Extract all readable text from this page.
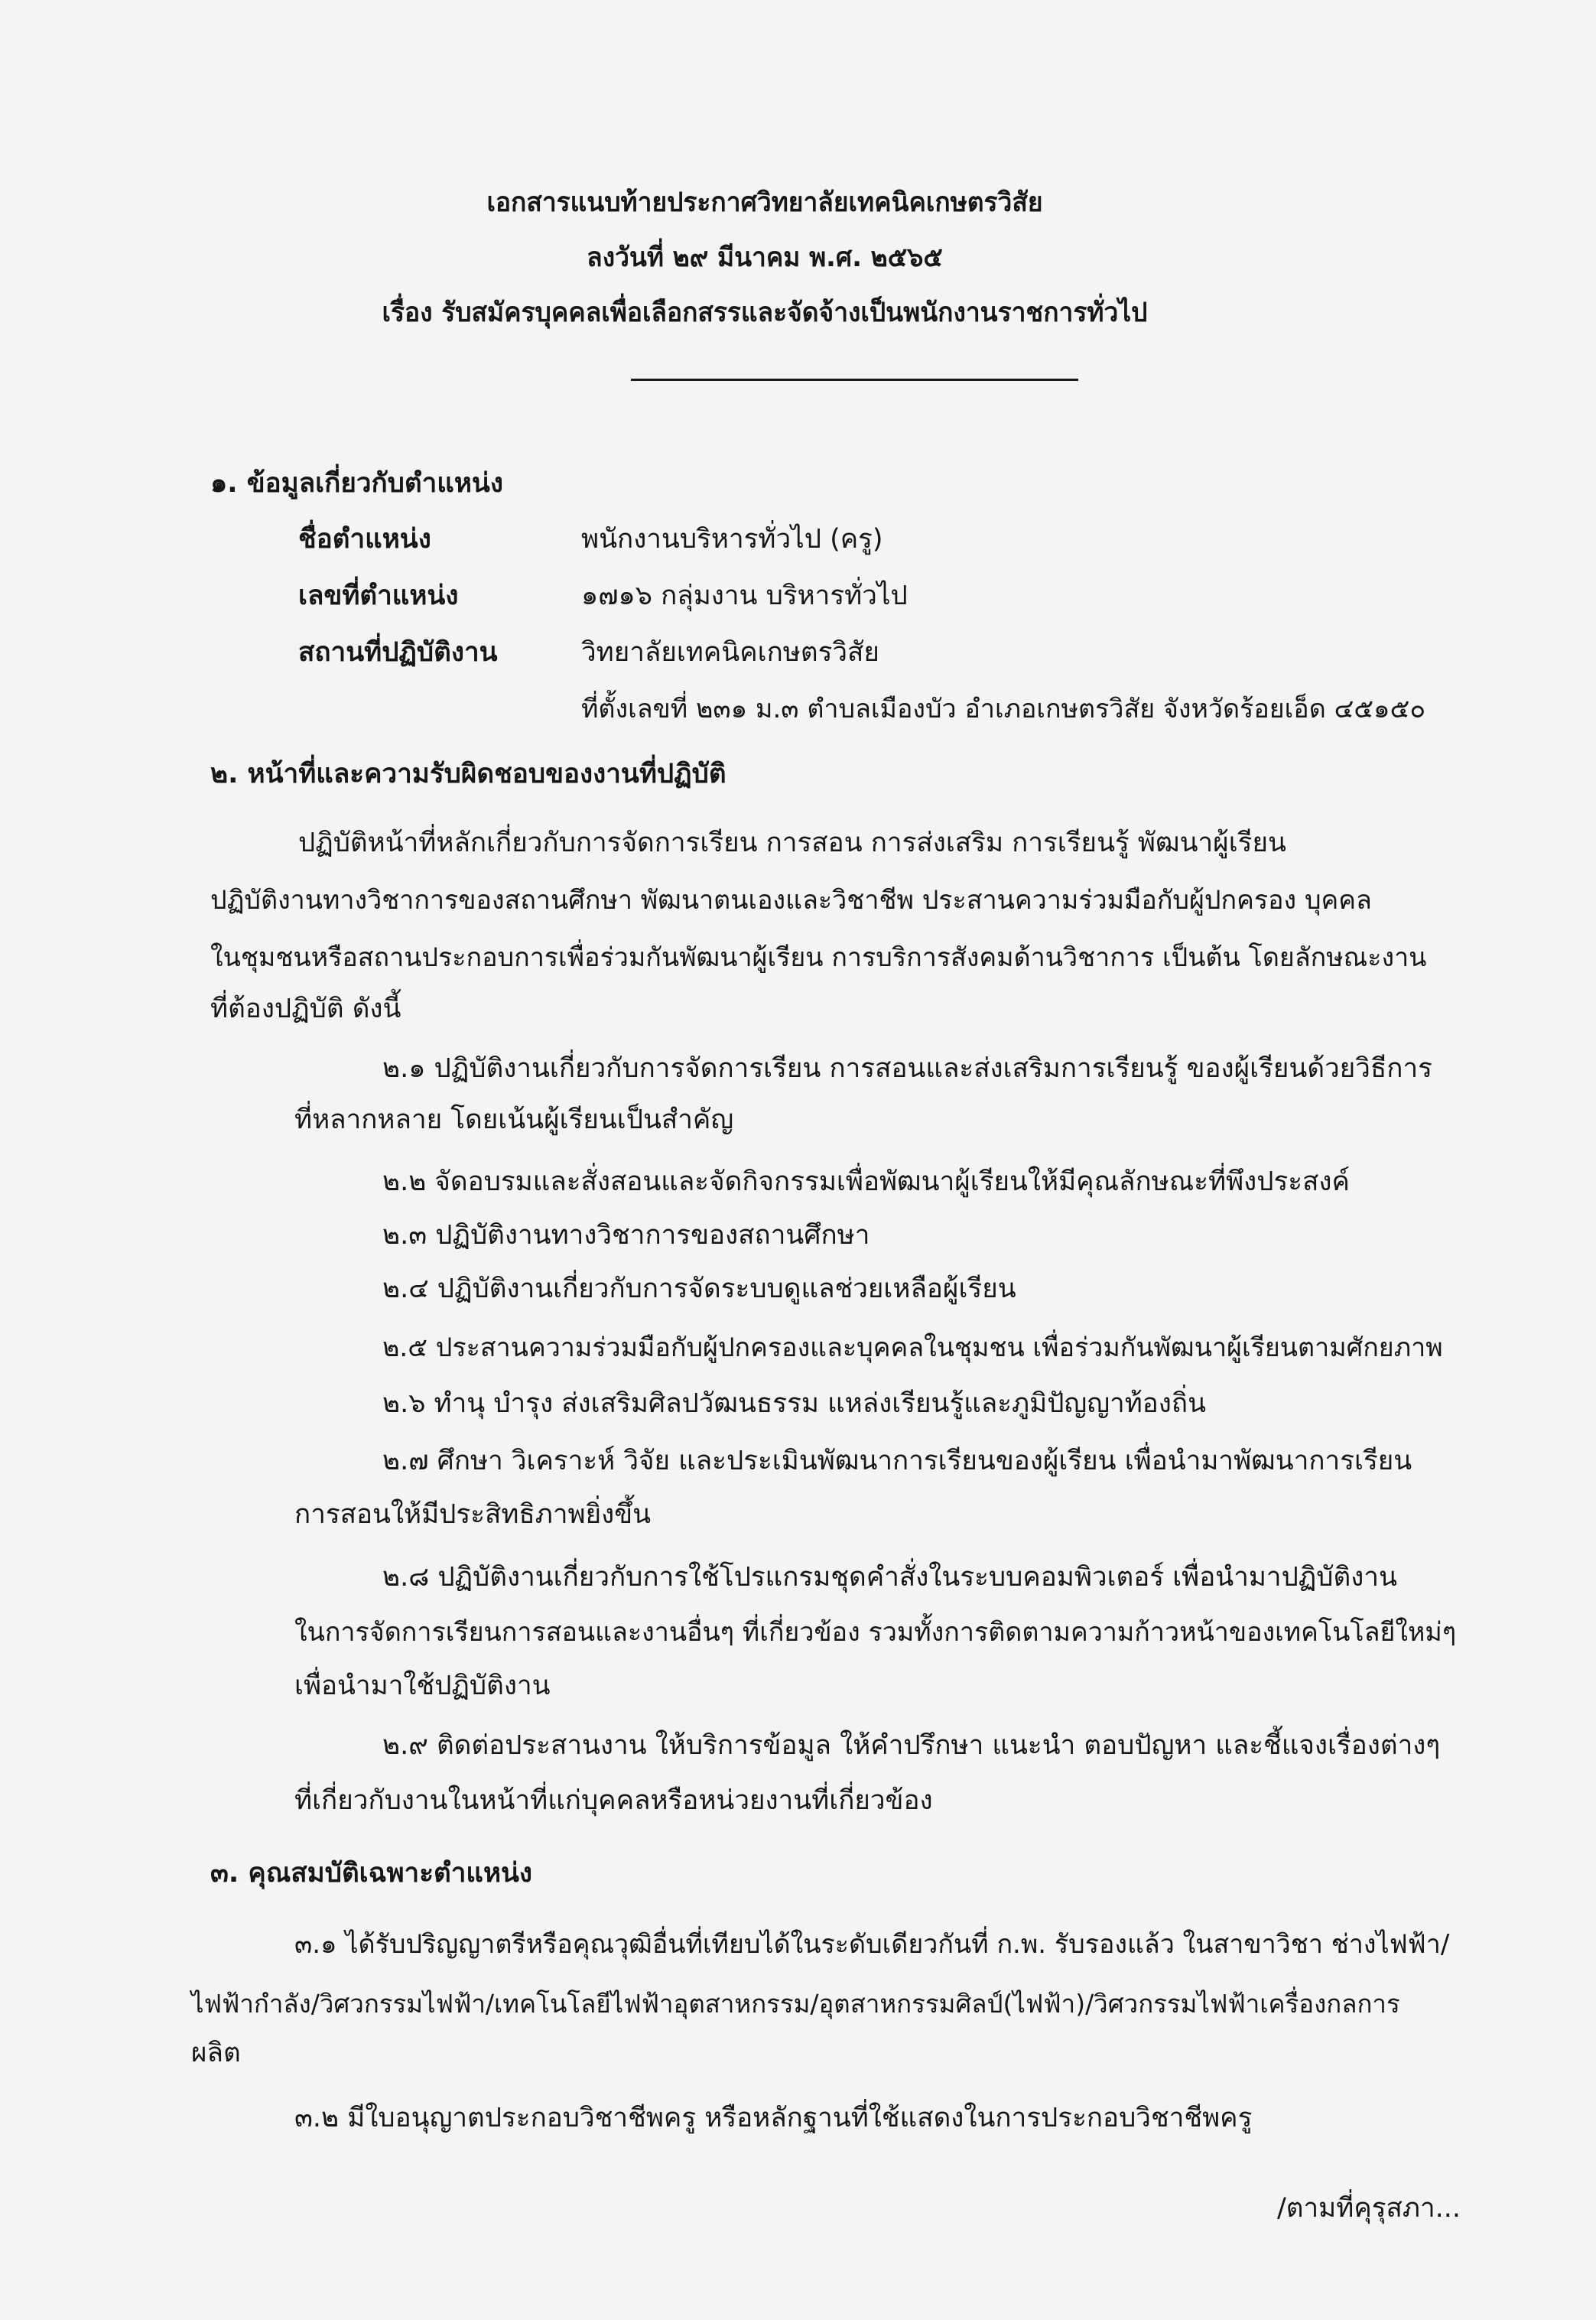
เอกสารแนบท้ายประกาศวิทยาลัยเทคนิคเกษตรวิสัย
ลงวันที่ ๒๙ มีนาคม พ.ศ. ๒๕๖๕
เรื่อง รับสมัครบุคคลเพื่อเลือกสรรและจัดจ้างเป็นพนักงานราชการทั่วไป
๑. ข้อมูลเกี่ยวกับตำแหน่ง
ชื่อตำแหน่ง	พนักงานบริหารทั่วไป (ครู)
เลขที่ตำแหน่ง	๑๗๑๖ กลุ่มงาน บริหารทั่วไป
สถานที่ปฏิบัติงาน	วิทยาลัยเทคนิคเกษตรวิสัย
ที่ตั้งเลขที่ ๒๓๑ ม.๓ ตำบลเมืองบัว อำเภอเกษตรวิสัย จังหวัดร้อยเอ็ด ๔๕๑๕๐
๒. หน้าที่และความรับผิดชอบของงานที่ปฏิบัติ
ปฏิบัติหน้าที่หลักเกี่ยวกับการจัดการเรียน การสอน การส่งเสริม การเรียนรู้ พัฒนาผู้เรียน
ปฏิบัติงานทางวิชาการของสถานศึกษา พัฒนาตนเองและวิชาชีพ ประสานความร่วมมือกับผู้ปกครอง บุคคล
ในชุมชนหรือสถานประกอบการเพื่อร่วมกันพัฒนาผู้เรียน การบริการสังคมด้านวิชาการ เป็นต้น โดยลักษณะงาน
ที่ต้องปฏิบัติ ดังนี้
๒.๑ ปฏิบัติงานเกี่ยวกับการจัดการเรียน การสอนและส่งเสริมการเรียนรู้ ของผู้เรียนด้วยวิธีการ
ที่หลากหลาย โดยเน้นผู้เรียนเป็นสำคัญ
๒.๒ จัดอบรมและสั่งสอนและจัดกิจกรรมเพื่อพัฒนาผู้เรียนให้มีคุณลักษณะที่พึงประสงค์
๒.๓ ปฏิบัติงานทางวิชาการของสถานศึกษา
๒.๔ ปฏิบัติงานเกี่ยวกับการจัดระบบดูแลช่วยเหลือผู้เรียน
๒.๕ ประสานความร่วมมือกับผู้ปกครองและบุคคลในชุมชน เพื่อร่วมกันพัฒนาผู้เรียนตามศักยภาพ
๒.๖ ทำนุ บำรุง ส่งเสริมศิลปวัฒนธรรม แหล่งเรียนรู้และภูมิปัญญาท้องถิ่น
๒.๗ ศึกษา วิเคราะห์ วิจัย และประเมินพัฒนาการเรียนของผู้เรียน เพื่อนำมาพัฒนาการเรียน
การสอนให้มีประสิทธิภาพยิ่งขึ้น
๒.๘ ปฏิบัติงานเกี่ยวกับการใช้โปรแกรมชุดคำสั่งในระบบคอมพิวเตอร์ เพื่อนำมาปฏิบัติงาน
ในการจัดการเรียนการสอนและงานอื่นๆ ที่เกี่ยวข้อง รวมทั้งการติดตามความก้าวหน้าของเทคโนโลยีใหม่ๆ
เพื่อนำมาใช้ปฏิบัติงาน
๒.๙ ติดต่อประสานงาน ให้บริการข้อมูล ให้คำปรึกษา แนะนำ ตอบปัญหา และชี้แจงเรื่องต่างๆ
ที่เกี่ยวกับงานในหน้าที่แก่บุคคลหรือหน่วยงานที่เกี่ยวข้อง
๓. คุณสมบัติเฉพาะตำแหน่ง
๓.๑ ได้รับปริญญาตรีหรือคุณวุฒิอื่นที่เทียบได้ในระดับเดียวกันที่ ก.พ. รับรองแล้ว ในสาขาวิชา ช่างไฟฟ้า/
ไฟฟ้ากำลัง/วิศวกรรมไฟฟ้า/เทคโนโลยีไฟฟ้าอุตสาหกรรม/อุตสาหกรรมศิลป์(ไฟฟ้า)/วิศวกรรมไฟฟ้าเครื่องกลการ
ผลิต
๓.๒ มีใบอนุญาตประกอบวิชาชีพครู หรือหลักฐานที่ใช้แสดงในการประกอบวิชาชีพครู
/ตามที่คุรุสภา...
